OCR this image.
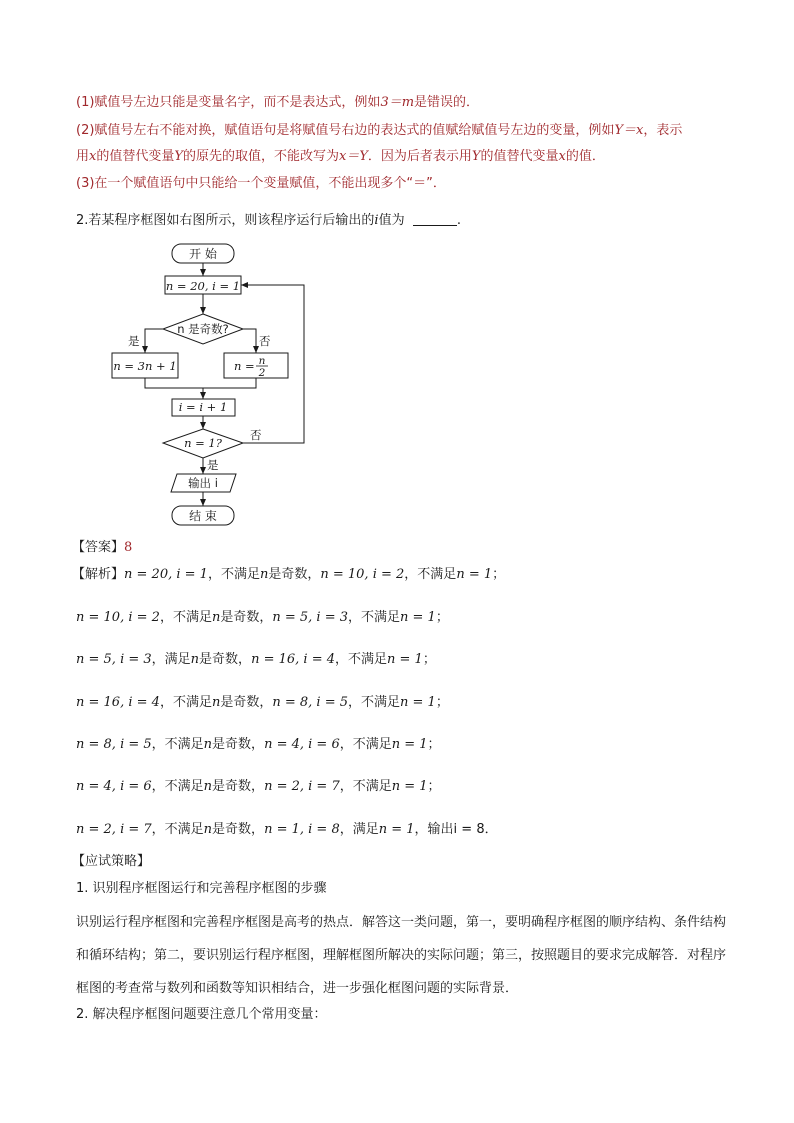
(1)赋值号左边只能是变量名字，而不是表达式，例如3＝m是错误的．
(2)赋值号左右不能对换，赋值语句是将赋值号右边的表达式的值赋给赋值号左边的变量，例如Y＝x，表示
用x的值替代变量Y的原先的取值，不能改写为x＝Y．因为后者表示用Y的值替代变量x的值．
(3)在一个赋值语句中只能给一个变量赋值，不能出现多个“＝”．
2.若某程序框图如右图所示，则该程序运行后输出的i值为	.
开 始
n = 20, i = 1
n 是奇数?
是	否
n = 3n + 1	n = n
2
i = i + 1
n = 1?
否
是
输出 i
结 束
【答案】8
【解析】n = 20, i = 1，不满足n是奇数，n = 10, i = 2，不满足n = 1；
n = 10, i = 2，不满足n是奇数，n = 5, i = 3，不满足n = 1；
n = 5, i = 3，满足n是奇数，n = 16, i = 4，不满足n = 1；
n = 16, i = 4，不满足n是奇数，n = 8, i = 5，不满足n = 1；
n = 8, i = 5，不满足n是奇数，n = 4, i = 6，不满足n = 1；
n = 4, i = 6，不满足n是奇数，n = 2, i = 7，不满足n = 1；
n = 2, i = 7，不满足n是奇数，n = 1, i = 8，满足n = 1，输出i = 8．
【应试策略】
1. 识别程序框图运行和完善程序框图的步骤
识别运行程序框图和完善程序框图是高考的热点．解答这一类问题，第一，要明确程序框图的顺序结构、条件结构和循环结构；第二，要识别运行程序框图，理解框图所解决的实际问题；第三，按照题目的要求完成解答．对程序框图的考查常与数列和函数等知识相结合，进一步强化框图问题的实际背景．
2. 解决程序框图问题要注意几个常用变量：
